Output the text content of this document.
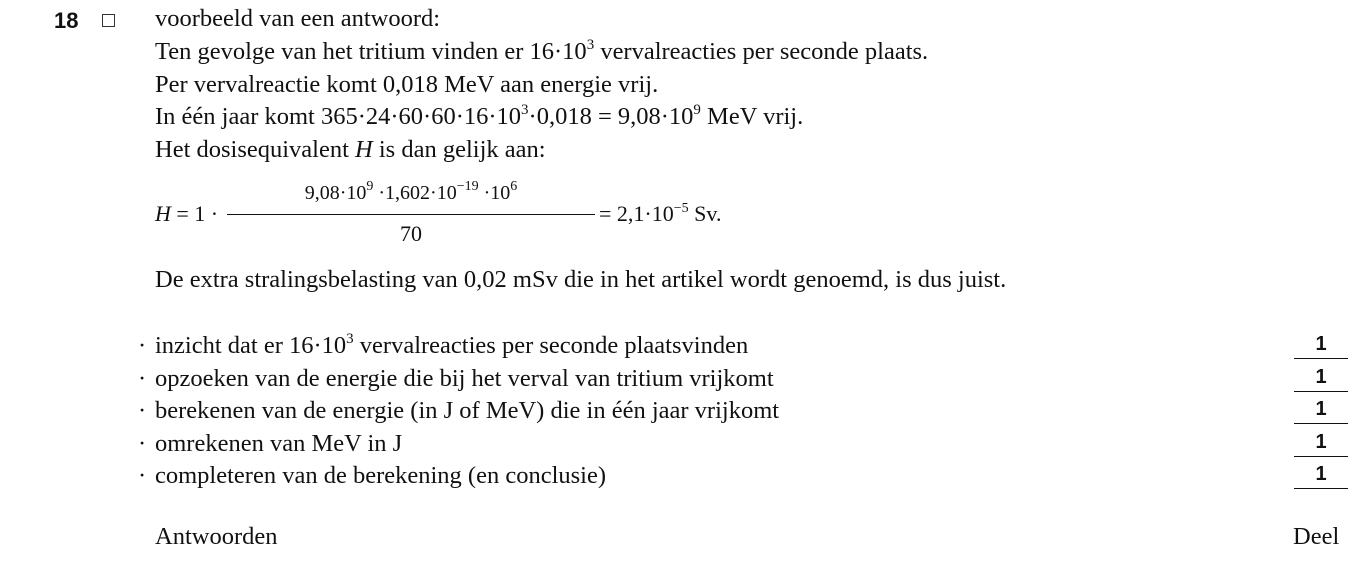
18	voorbeeld van een antwoord:
Ten gevolge van het tritium vinden er $16\cdot 10^3$ vervalreacties per seconde plaats.
Per vervalreactie komt 0,018 MeV aan energie vrij.
In één jaar komt $365\cdot 24\cdot 60\cdot 60\cdot 16\cdot 10^3\cdot 0,018 = 9,08\cdot 10^9$ MeV vrij.
Het dosisequivalent H is dan gelijk aan:
H = 1 ·
$9,08\cdot 10^9 \cdot 1,602\cdot 10^{-19} \cdot 10^6$
70
= $2,1\cdot 10^{-5}$ Sv.
De extra stralingsbelasting van 0,02 mSv die in het artikel wordt genoemd, is dus juist.
· inzicht dat er $16\cdot 10^3$ vervalreacties per seconde plaatsvinden	1
· opzoeken van de energie die bij het verval van tritium vrijkomt	1
· berekenen van de energie (in J of MeV) die in één jaar vrijkomt	1
· omrekenen van MeV in J	1
· completeren van de berekening (en conclusie)	1
Antwoorden	Deel
